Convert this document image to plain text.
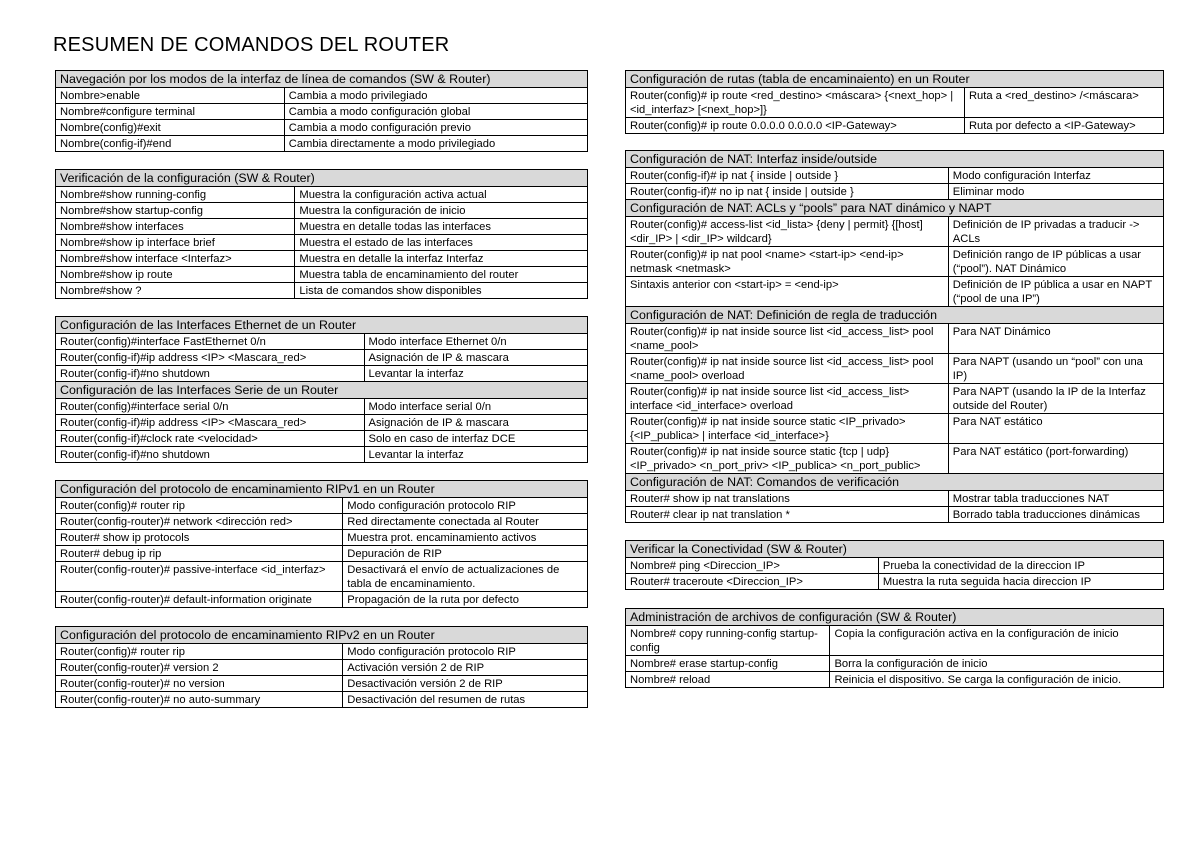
RESUMEN DE COMANDOS DEL ROUTER
Navegación por los modos de la interfaz de línea de comandos (SW & Router)	
Nombre>enable	Cambia a modo privilegiado
Nombre#configure terminal	Cambia a modo configuración global
Nombre(config)#exit	Cambia a modo configuración previo
Nombre(config-if)#end	Cambia directamente a modo privilegiado
Verificación de la configuración (SW & Router)	
Nombre#show running-config	Muestra la configuración activa actual
Nombre#show startup-config	Muestra la configuración de inicio
Nombre#show interfaces	Muestra en detalle todas las interfaces
Nombre#show ip interface brief	Muestra el estado de las interfaces
Nombre#show interface <Interfaz>	Muestra en detalle la interfaz Interfaz
Nombre#show ip route	Muestra tabla de encaminamiento del router
Nombre#show ?	Lista de comandos show disponibles
Configuración de las Interfaces Ethernet de un Router	
Router(config)#interface FastEthernet 0/n	Modo interface Ethernet 0/n
Router(config-if)#ip address <IP> <Mascara_red>	Asignación de IP & mascara
Router(config-if)#no shutdown	Levantar la interfaz
Configuración de las Interfaces Serie de un Router	
Router(config)#interface serial 0/n	Modo interface serial 0/n
Router(config-if)#ip address <IP> <Mascara_red>	Asignación de IP & mascara
Router(config-if)#clock rate <velocidad>	Solo en caso de interfaz DCE
Router(config-if)#no shutdown	Levantar la interfaz
Configuración del protocolo de encaminamiento RIPv1 en un Router	
Router(config)# router rip	Modo configuración protocolo RIP
Router(config-router)# network <dirección red>	Red directamente conectada al Router
Router# show ip protocols	Muestra prot. encaminamiento activos
Router# debug ip rip	Depuración de RIP
Router(config-router)# passive-interface <id_interfaz>	Desactivará el envío de actualizaciones de tabla de encaminamiento.
Router(config-router)# default-information originate	Propagación de la ruta por defecto
Configuración del protocolo de encaminamiento RIPv2 en un Router	
Router(config)# router rip	Modo configuración protocolo RIP
Router(config-router)# version 2	Activación versión 2 de RIP
Router(config-router)# no version	Desactivación versión 2 de RIP
Router(config-router)# no auto-summary	Desactivación del resumen de rutas
Configuración de rutas (tabla de encaminaiento) en un Router	
Router(config)# ip route <red_destino> <máscara> {<next_hop> | <id_interfaz> [<next_hop>]}	Ruta a <red_destino> /<máscara>
Router(config)# ip route 0.0.0.0 0.0.0.0 <IP-Gateway>	Ruta por defecto a <IP-Gateway>
Configuración de NAT: Interfaz inside/outside	
Router(config-if)# ip nat { inside | outside }	Modo configuración Interfaz
Router(config-if)# no ip nat { inside | outside }	Eliminar modo
Configuración de NAT: ACLs y “pools” para NAT dinámico y NAPT	
Router(config)# access-list <id_lista> {deny | permit} {[host] <dir_IP> | <dir_IP> wildcard}	Definición de IP privadas a traducir -> ACLs
Router(config)# ip nat pool <name> <start-ip> <end-ip> netmask <netmask>	Definición rango de IP públicas a usar (“pool”). NAT Dinámico
Sintaxis anterior con <start-ip> = <end-ip>	Definición de IP pública a usar en NAPT (“pool de una IP”)
Configuración de NAT: Definición de regla de traducción	
Router(config)# ip nat inside source list <id_access_list> pool <name_pool>	Para NAT Dinámico
Router(config)# ip nat inside source list <id_access_list> pool <name_pool> overload	Para NAPT (usando un “pool” con una IP)
Router(config)# ip nat inside source list <id_access_list> interface <id_interface> overload	Para NAPT (usando la IP de la Interfaz outside del Router)
Router(config)# ip nat inside source static <IP_privado> {<IP_publica> | interface <id_interface>}	Para NAT estático
Router(config)# ip nat inside source static {tcp | udp} <IP_privado> <n_port_priv> <IP_publica> <n_port_public>	Para NAT estático (port-forwarding)
Configuración de NAT: Comandos de verificación	
Router# show ip nat translations	Mostrar tabla traducciones NAT
Router# clear ip nat translation *	Borrado tabla traducciones dinámicas
Verificar la Conectividad (SW & Router)	
Nombre# ping <Direccion_IP>	Prueba la conectividad de la direccion IP
Router# traceroute <Direccion_IP>	Muestra la ruta seguida hacia direccion IP
Administración de archivos de configuración (SW & Router)	
Nombre# copy running-config startup-config	Copia la configuración activa en la configuración de inicio
Nombre# erase startup-config	Borra la configuración de inicio
Nombre# reload	Reinicia el dispositivo. Se carga la configuración de inicio.
